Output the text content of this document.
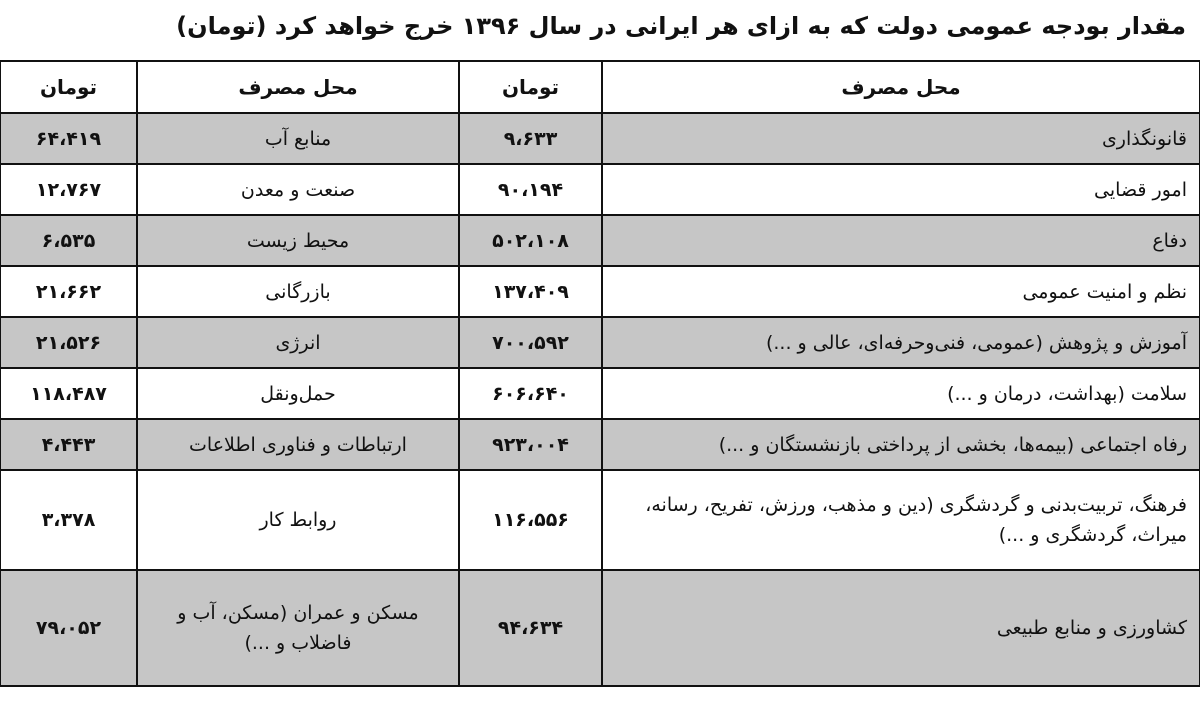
مقدار بودجه عمومی دولت که به ازای هر ایرانی در سال ۱۳۹۶ خرج خواهد کرد (تومان)
محل مصرف	تومان	محل مصرف	تومان
قانونگذاری	۹،۶۳۳	منابع آب	۶۴،۴۱۹
امور قضایی	۹۰،۱۹۴	صنعت و معدن	۱۲،۷۶۷
دفاع	۵۰۲،۱۰۸	محیط زیست	۶،۵۳۵
نظم و امنیت عمومی	۱۳۷،۴۰۹	بازرگانی	۲۱،۶۶۲
آموزش و پژوهش (عمومی، فنی‌وحرفه‌ای، عالی و ...)	۷۰۰،۵۹۲	انرژی	۲۱،۵۲۶
سلامت (بهداشت، درمان و ...)	۶۰۶،۶۴۰	حمل‌ونقل	۱۱۸،۴۸۷
رفاه اجتماعی (بیمه‌ها، بخشی از پرداختی بازنشستگان و ...)	۹۲۳،۰۰۴	ارتباطات و فناوری اطلاعات	۴،۴۴۳
فرهنگ، تربیت‌بدنی و گردشگری (دین و مذهب، ورزش، تفریح، رسانه، میراث، گردشگری و ...)	۱۱۶،۵۵۶	روابط کار	۳،۳۷۸
کشاورزی و منابع طبیعی	۹۴،۶۳۴	مسکن و عمران (مسکن، آب و فاضلاب و ...)	۷۹،۰۵۲
